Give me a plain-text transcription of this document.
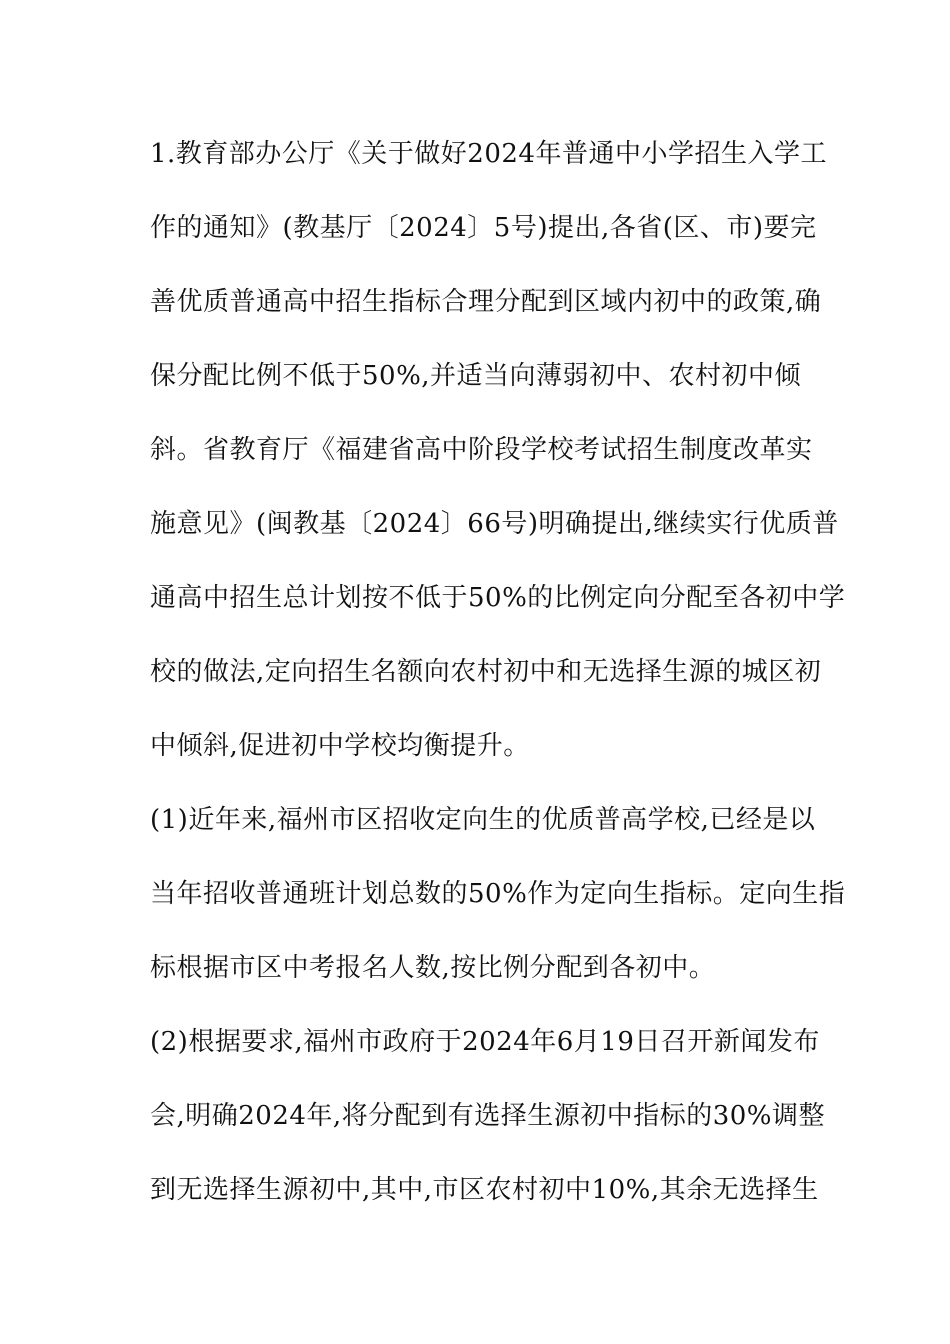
1.教育部办公厅《关于做好2024年普通中小学招生入学工
作的通知》(教基厅〔2024〕5号)提出,各省(区、市)要完
善优质普通高中招生指标合理分配到区域内初中的政策,确
保分配比例不低于50%,并适当向薄弱初中、农村初中倾
斜。省教育厅《福建省高中阶段学校考试招生制度改革实
施意见》(闽教基〔2024〕66号)明确提出,继续实行优质普
通高中招生总计划按不低于50%的比例定向分配至各初中学
校的做法,定向招生名额向农村初中和无选择生源的城区初
中倾斜,促进初中学校均衡提升。
(1)近年来,福州市区招收定向生的优质普高学校,已经是以
当年招收普通班计划总数的50%作为定向生指标。定向生指
标根据市区中考报名人数,按比例分配到各初中。
(2)根据要求,福州市政府于2024年6月19日召开新闻发布
会,明确2024年,将分配到有选择生源初中指标的30%调整
到无选择生源初中,其中,市区农村初中10%,其余无选择生
